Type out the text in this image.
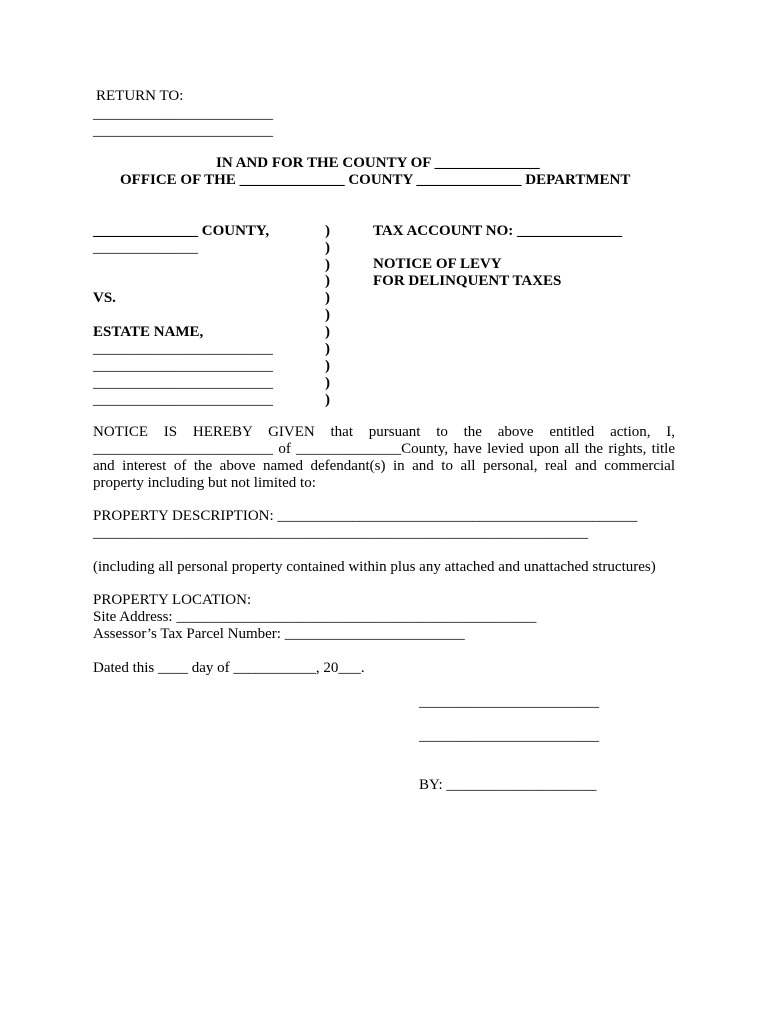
RETURN TO:
________________________
________________________
IN AND FOR THE COUNTY OF ______________
OFFICE OF THE ______________ COUNTY ______________ DEPARTMENT
______________ COUNTY,
______________
VS.
ESTATE NAME,
________________________
________________________
________________________
________________________
)
)
)
)
)
)
)
)
)
)
)
TAX ACCOUNT NO: ______________
NOTICE OF LEVY
FOR DELINQUENT TAXES
NOTICE IS HEREBY GIVEN that pursuant to the above entitled action, I,
________________________ of ______________County, have levied upon all the rights, title
and interest of the above named defendant(s) in and to all personal, real and commercial
property including but not limited to:
PROPERTY DESCRIPTION: ________________________________________________
__________________________________________________________________
(including all personal property contained within plus any attached and unattached structures)
PROPERTY LOCATION:
Site Address: ________________________________________________
Assessor’s Tax Parcel Number: ________________________
Dated this ____ day of ___________, 20___.
________________________
________________________
BY: ____________________
